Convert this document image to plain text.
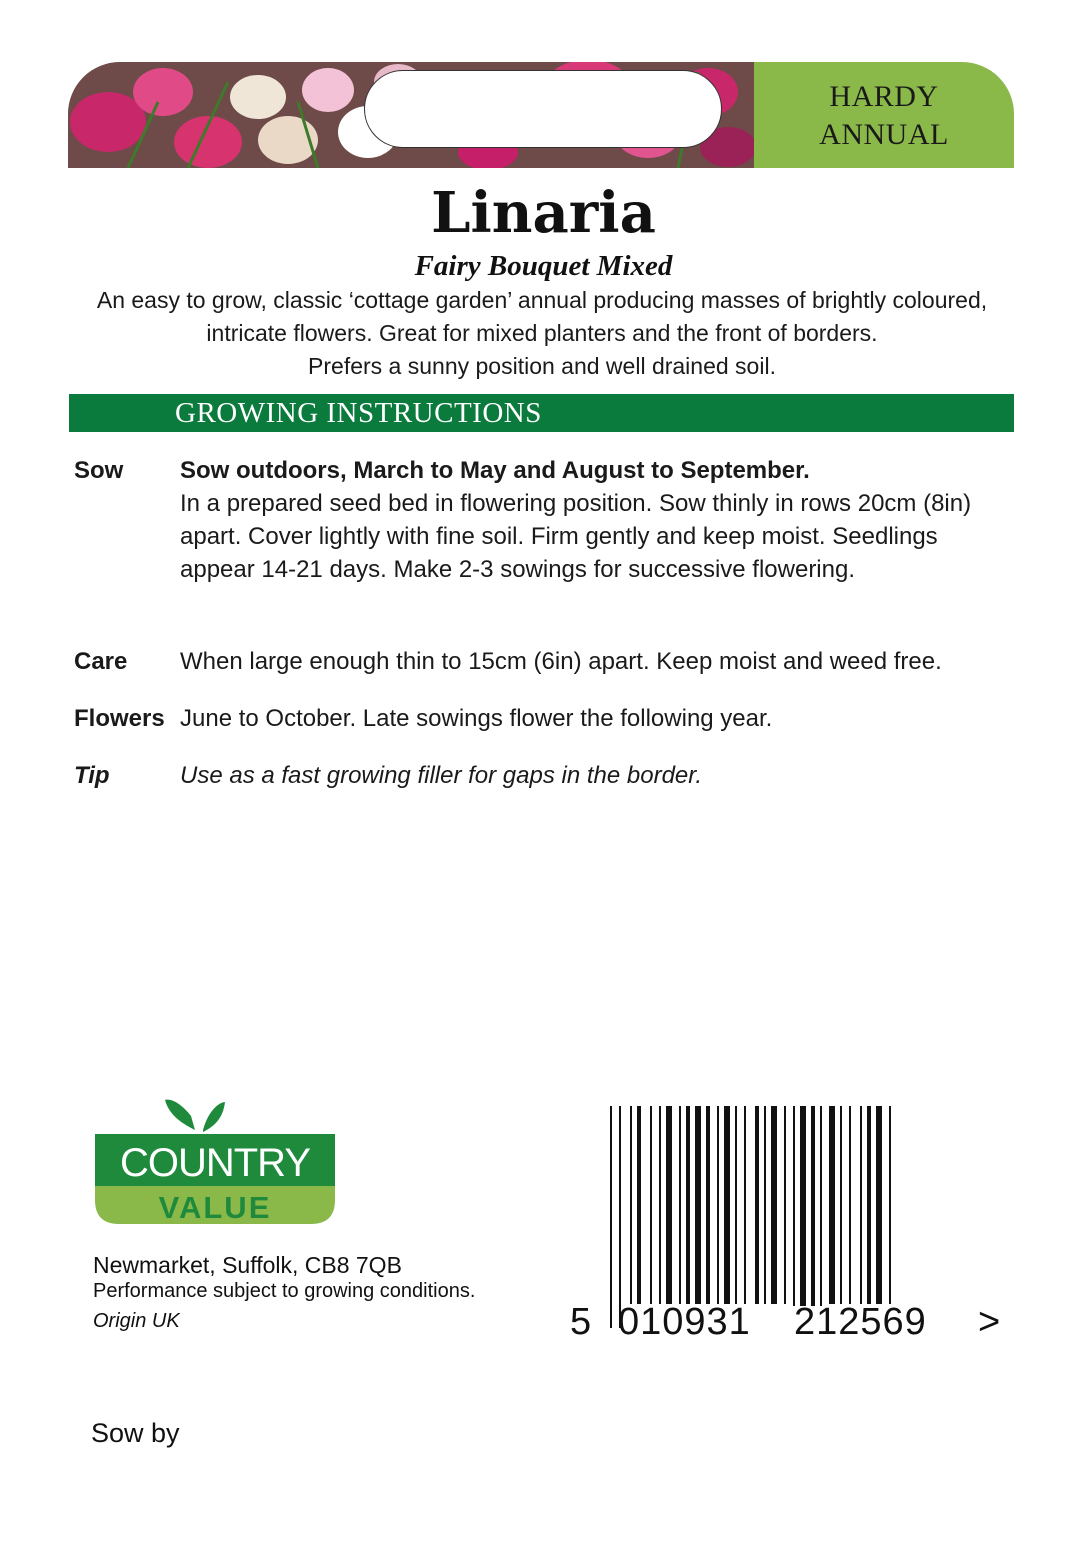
HARDY
ANNUAL
Linaria
Fairy Bouquet Mixed
An easy to grow, classic ‘cottage garden’ annual producing masses of brightly coloured,
intricate flowers. Great for mixed planters and the front of borders.
Prefers a sunny position and well drained soil.
GROWING INSTRUCTIONS
Sow Sow outdoors, March to May and August to September.
In a prepared seed bed in flowering position. Sow thinly in rows 20cm (8in) apart. Cover lightly with fine soil. Firm gently and keep moist. Seedlings appear 14-21 days. Make 2-3 sowings for successive flowering.
Care When large enough thin to 15cm (6in) apart. Keep moist and weed free.
Flowers June to October. Late sowings flower the following year.
Tip	Use as a fast growing filler for gaps in the border.
COUNTRY
VALUE
Newmarket, Suffolk, CB8 7QB
Performance subject to growing conditions.
Origin UK	5 010931 212569 >
Sow by
